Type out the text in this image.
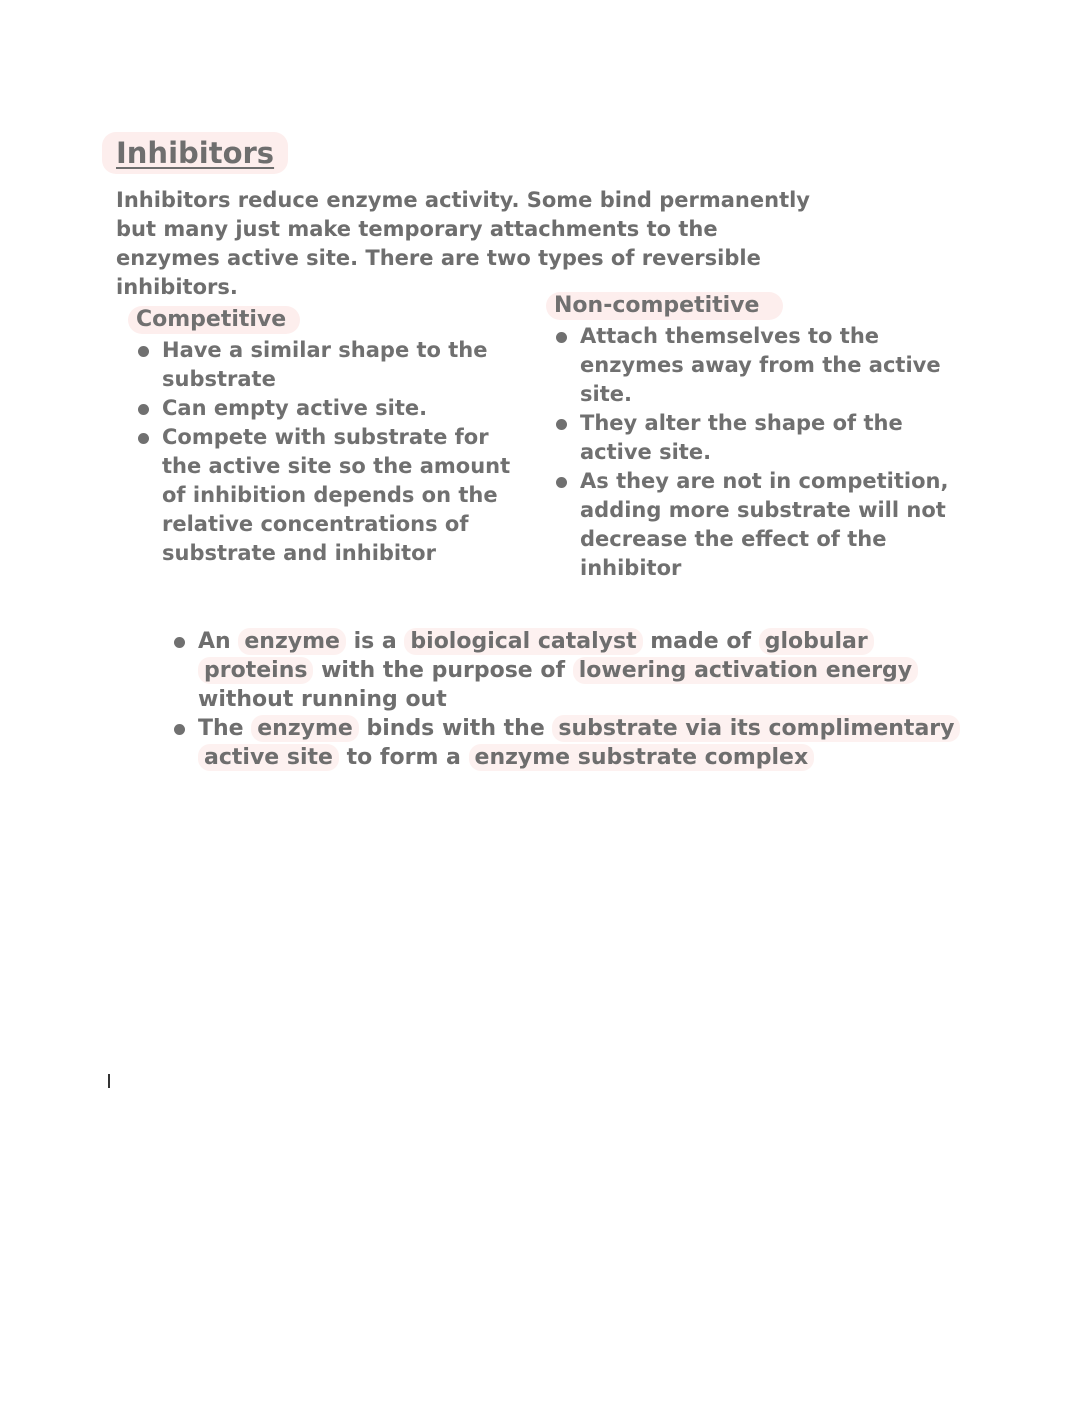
Inhibitors

Inhibitors reduce enzyme activity. Some bind permanently but many just make temporary attachments to the enzymes active site. There are two types of reversible inhibitors.

Competitive
Have a similar shape to the substrate
Can empty active site.
Compete with substrate for the active site so the amount of inhibition depends on the relative concentrations of substrate and inhibitor
Non-competitive
Attach themselves to the enzymes away from the active site.
They alter the shape of the active site.
As they are not in competition, adding more substrate will not decrease the effect of the inhibitor
An enzyme is a biological catalyst made of globular proteins with the purpose of lowering activation energy without running out
The enzyme binds with the substrate via its complimentary active site to form a enzyme substrate complex
